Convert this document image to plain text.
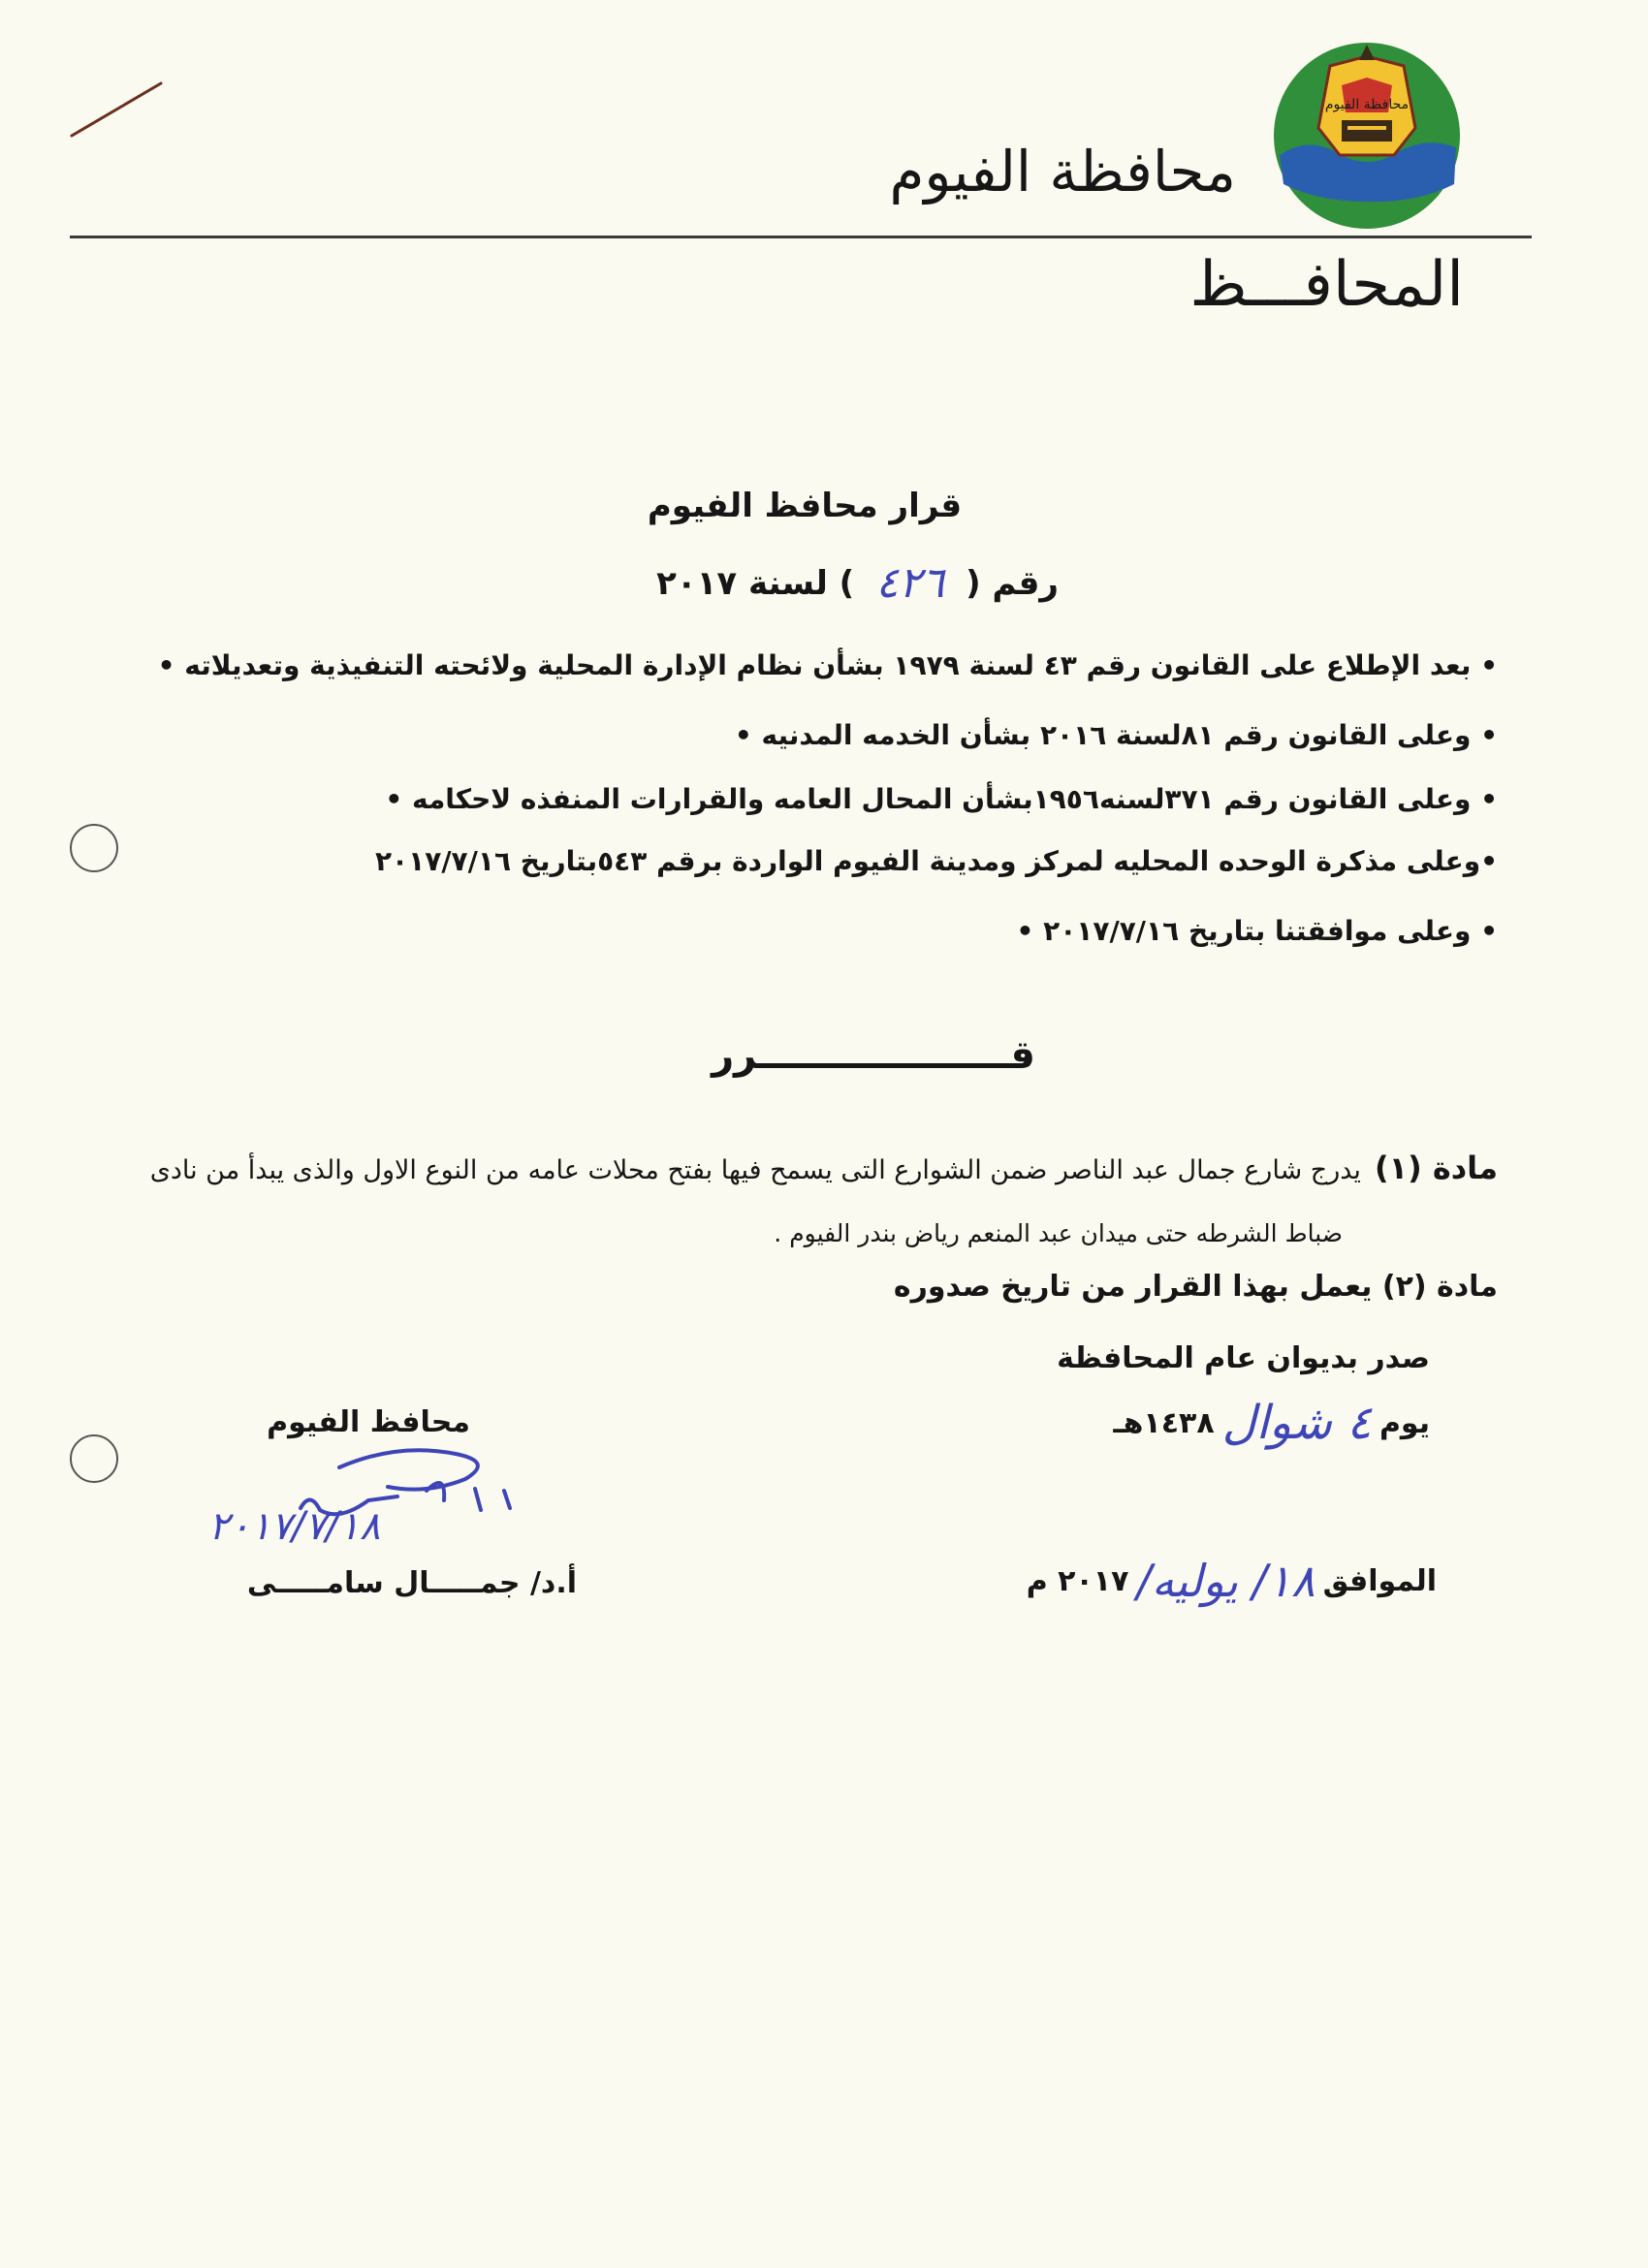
محافظة الفيوم
محافظة الفيوم
المحافـــظ
قرار محافظ الفيوم
رقم (
٤٢٦
) لسنة ٢٠١٧
• بعد الإطلاع على القانون رقم ٤٣ لسنة ١٩٧٩ بشأن نظام الإدارة المحلية ولائحته التنفيذية وتعديلاته •
• وعلى القانون رقم ٨١لسنة ٢٠١٦ بشأن الخدمه المدنيه •
• وعلى القانون رقم ٣٧١لسنه١٩٥٦بشأن المحال العامه والقرارات المنفذه لاحكامه •
•وعلى مذكرة الوحده المحليه لمركز ومدينة الفيوم الواردة برقم ٥٤٣بتاريخ ٢٠١٧/٧/١٦
• وعلى موافقتنا بتاريخ ٢٠١٧/٧/١٦ •
قـــــــــــــــــــرر
مادة (١)يدرج شارع جمال عبد الناصر ضمن الشوارع التى يسمح فيها بفتح محلات عامه من النوع الاول والذى يبدأ من نادى
ضباط الشرطه حتى ميدان عبد المنعم رياض بندر الفيوم .
مادة (٢) يعمل بهذا القرار من تاريخ صدوره
صدر بديوان عام المحافظة
يوم
٤ شوال
١٤٣٨هـ
الموافق
١٨/ يوليه/
٢٠١٧ م
محافظ الفيوم
٢٠١٧/٧/١٨
أ.د/ جمـــــال سامـــــى
